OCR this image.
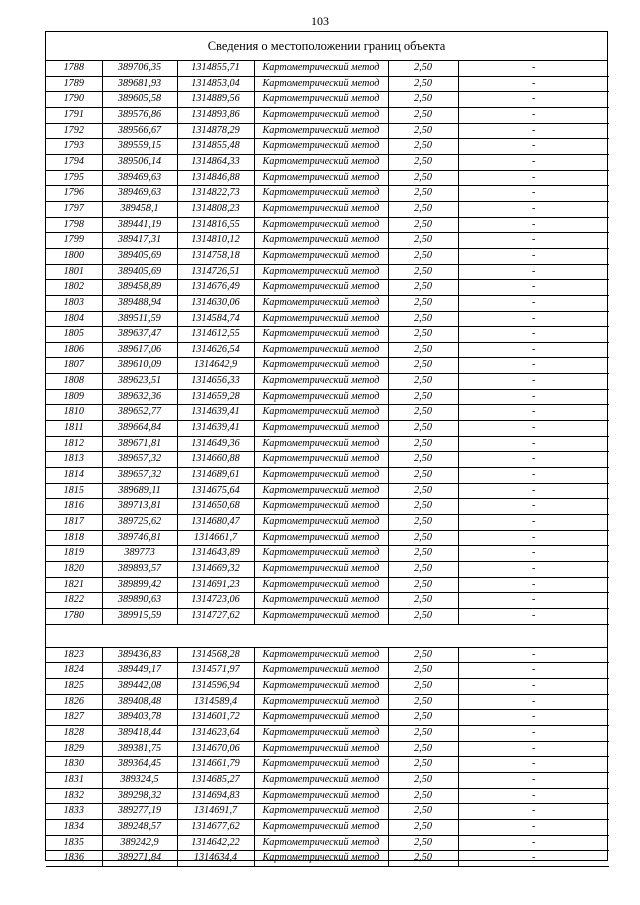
103
Сведения о местоположении границ объекта
1788	389706,35	1314855,71	Картометрический метод	2,50	-
1789	389681,93	1314853,04	Картометрический метод	2,50	-
1790	389605,58	1314889,56	Картометрический метод	2,50	-
1791	389576,86	1314893,86	Картометрический метод	2,50	-
1792	389566,67	1314878,29	Картометрический метод	2,50	-
1793	389559,15	1314855,48	Картометрический метод	2,50	-
1794	389506,14	1314864,33	Картометрический метод	2,50	-
1795	389469,63	1314846,88	Картометрический метод	2,50	-
1796	389469,63	1314822,73	Картометрический метод	2,50	-
1797	389458,1	1314808,23	Картометрический метод	2,50	-
1798	389441,19	1314816,55	Картометрический метод	2,50	-
1799	389417,31	1314810,12	Картометрический метод	2,50	-
1800	389405,69	1314758,18	Картометрический метод	2,50	-
1801	389405,69	1314726,51	Картометрический метод	2,50	-
1802	389458,89	1314676,49	Картометрический метод	2,50	-
1803	389488,94	1314630,06	Картометрический метод	2,50	-
1804	389511,59	1314584,74	Картометрический метод	2,50	-
1805	389637,47	1314612,55	Картометрический метод	2,50	-
1806	389617,06	1314626,54	Картометрический метод	2,50	-
1807	389610,09	1314642,9	Картометрический метод	2,50	-
1808	389623,51	1314656,33	Картометрический метод	2,50	-
1809	389632,36	1314659,28	Картометрический метод	2,50	-
1810	389652,77	1314639,41	Картометрический метод	2,50	-
1811	389664,84	1314639,41	Картометрический метод	2,50	-
1812	389671,81	1314649,36	Картометрический метод	2,50	-
1813	389657,32	1314660,88	Картометрический метод	2,50	-
1814	389657,32	1314689,61	Картометрический метод	2,50	-
1815	389689,11	1314675,64	Картометрический метод	2,50	-
1816	389713,81	1314650,68	Картометрический метод	2,50	-
1817	389725,62	1314680,47	Картометрический метод	2,50	-
1818	389746,81	1314661,7	Картометрический метод	2,50	-
1819	389773	1314643,89	Картометрический метод	2,50	-
1820	389893,57	1314669,32	Картометрический метод	2,50	-
1821	389899,42	1314691,23	Картометрический метод	2,50	-
1822	389890,63	1314723,06	Картометрический метод	2,50	-
1780	389915,59	1314727,62	Картометрический метод	2,50	-
1823	389436,83	1314568,28	Картометрический метод	2,50	-
1824	389449,17	1314571,97	Картометрический метод	2,50	-
1825	389442,08	1314596,94	Картометрический метод	2,50	-
1826	389408,48	1314589,4	Картометрический метод	2,50	-
1827	389403,78	1314601,72	Картометрический метод	2,50	-
1828	389418,44	1314623,64	Картометрический метод	2,50	-
1829	389381,75	1314670,06	Картометрический метод	2,50	-
1830	389364,45	1314661,79	Картометрический метод	2,50	-
1831	389324,5	1314685,27	Картометрический метод	2,50	-
1832	389298,32	1314694,83	Картометрический метод	2,50	-
1833	389277,19	1314691,7	Картометрический метод	2,50	-
1834	389248,57	1314677,62	Картометрический метод	2,50	-
1835	389242,9	1314642,22	Картометрический метод	2,50	-
1836	389271,84	1314634,4	Картометрический метод	2,50	-
